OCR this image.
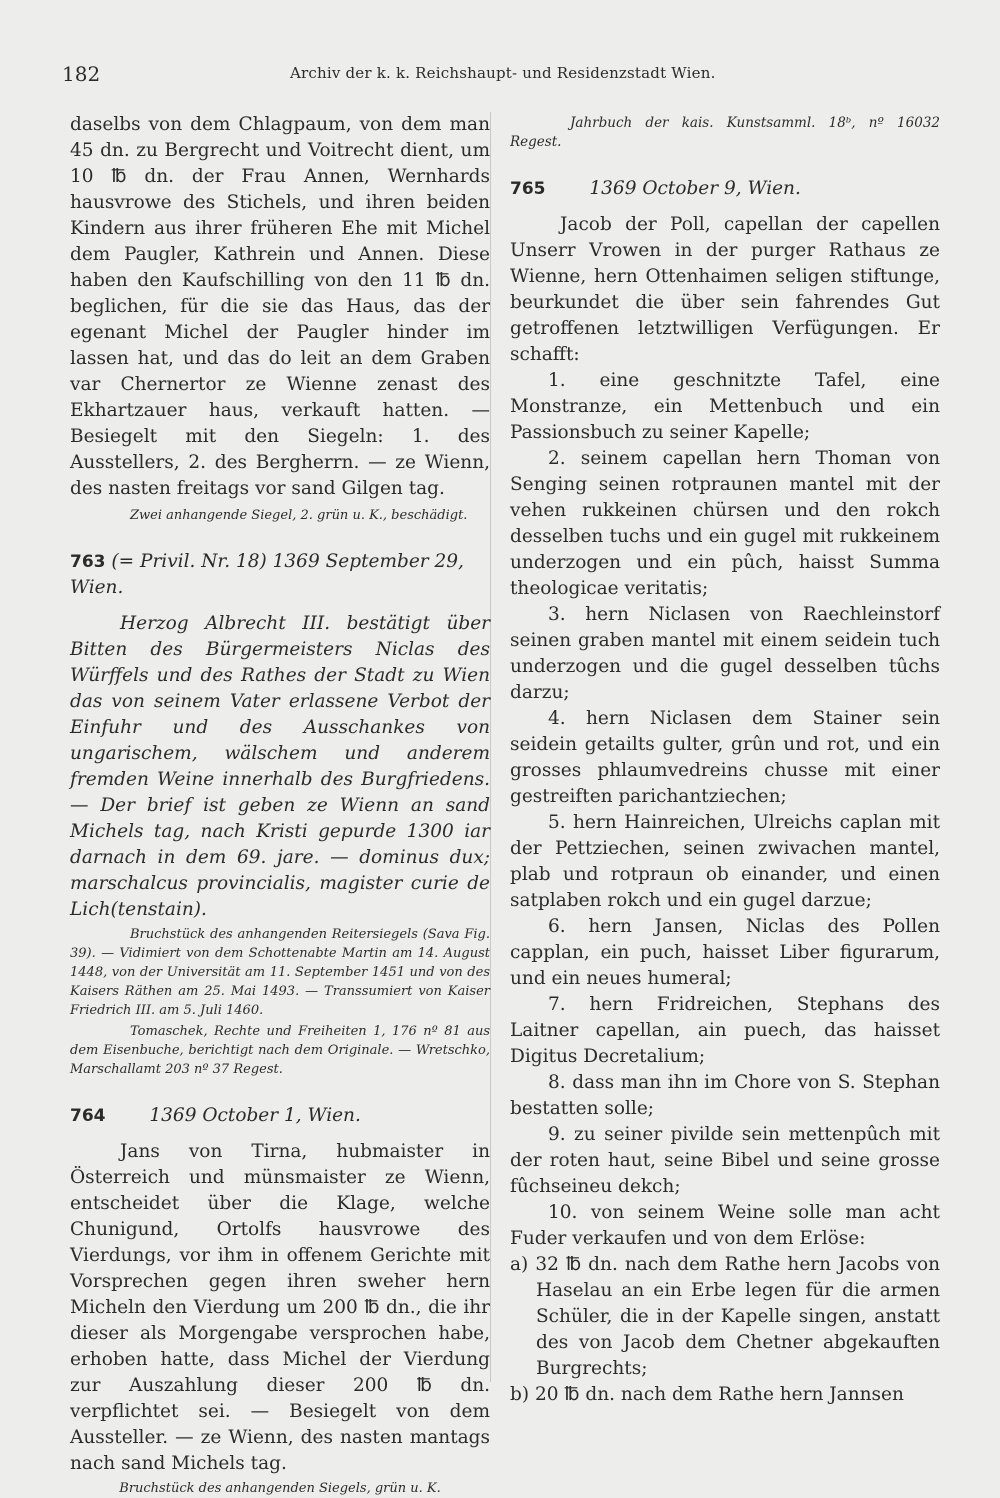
182	Archiv der k. k. Reichshaupt- und Residenzstadt Wien.

daselbs von dem Chlagpaum, von dem man 45 dn. zu Bergrecht und Voitrecht dient, um 10 ℔ dn. der Frau Annen, Wernhards hausvrowe des Stichels, und ihren beiden Kindern aus ihrer früheren Ehe mit Michel dem Paugler, Kathrein und Annen. Diese haben den Kaufschilling von den 11 ℔ dn. beglichen, für die sie das Haus, das der egenant Michel der Paugler hinder im lassen hat, und das do leit an dem Graben var Chernertor ze Wienne zenast des Ekhartzauer haus, verkauft hatten. — Besiegelt mit den Siegeln: 1. des Ausstellers, 2. des Bergherrn. — ze Wienn, des nasten freitags vor sand Gilgen tag.

Zwei anhangende Siegel, 2. grün u. K., beschädigt.

763 (= Privil. Nr. 18) 1369 September 29, Wien.

Herzog Albrecht III. bestätigt über Bitten des Bürgermeisters Niclas des Würffels und des Rathes der Stadt zu Wien das von seinem Vater erlassene Verbot der Einfuhr und des Ausschankes von ungarischem, wälschem und anderem fremden Weine innerhalb des Burgfriedens. — Der brief ist geben ze Wienn an sand Michels tag, nach Kristi gepurde 1300 iar darnach in dem 69. jare. — dominus dux; marschalcus provincialis, magister curie de Lich(tenstain).

Bruchstück des anhangenden Reitersiegels (Sava Fig. 39). — Vidimiert von dem Schottenabte Martin am 14. August 1448, von der Universität am 11. September 1451 und von des Kaisers Räthen am 25. Mai 1493. — Transsumiert von Kaiser Friedrich III. am 5. Juli 1460.

Tomaschek, Rechte und Freiheiten 1, 176 nº 81 aus dem Eisenbuche, berichtigt nach dem Originale. — Wretschko, Marschallamt 203 nº 37 Regest.

764 1369 October 1, Wien.

Jans von Tirna, hubmaister in Österreich und münsmaister ze Wienn, entscheidet über die Klage, welche Chunigund, Ortolfs hausvrowe des Vierdungs, vor ihm in offenem Gerichte mit Vorsprechen gegen ihren sweher hern Micheln den Vierdung um 200 ℔ dn., die ihr dieser als Morgengabe versprochen habe, erhoben hatte, dass Michel der Vierdung zur Auszahlung dieser 200 ℔ dn. verpflichtet sei. — Besiegelt von dem Aussteller. — ze Wienn, des nasten mantags nach sand Michels tag.

Bruchstück des anhangenden Siegels, grün u. K.

Jahrbuch der kais. Kunstsamml. 18ᵇ, nº 16032 Regest.

765 1369 October 9, Wien.

Jacob der Poll, capellan der capellen Unserr Vrowen in der purger Rathaus ze Wienne, hern Ottenhaimen seligen stiftunge, beurkundet die über sein fahrendes Gut getroffenen letztwilligen Verfügungen. Er schafft:

1. eine geschnitzte Tafel, eine Monstranze, ein Mettenbuch und ein Passionsbuch zu seiner Kapelle;

2. seinem capellan hern Thoman von Senging seinen rotpraunen mantel mit der vehen rukkeinen chürsen und den rokch desselben tuchs und ein gugel mit rukkeinem underzogen und ein pûch, haisst Summa theologicae veritatis;

3. hern Niclasen von Raechleinstorf seinen graben mantel mit einem seidein tuch underzogen und die gugel desselben tûchs darzu;

4. hern Niclasen dem Stainer sein seidein getailts gulter, grûn und rot, und ein grosses phlaumvedreins chusse mit einer gestreiften parichantziechen;

5. hern Hainreichen, Ulreichs caplan mit der Pettziechen, seinen zwivachen mantel, plab und rotpraun ob einander, und einen satplaben rokch und ein gugel darzue;

6. hern Jansen, Niclas des Pollen capplan, ein puch, haisset Liber figurarum, und ein neues humeral;

7. hern Fridreichen, Stephans des Laitner capellan, ain puech, das haisset Digitus Decretalium;

8. dass man ihn im Chore von S. Stephan bestatten solle;

9. zu seiner pivilde sein mettenpûch mit der roten haut, seine Bibel und seine grosse fûchseineu dekch;

10. von seinem Weine solle man acht Fuder verkaufen und von dem Erlöse:

a) 32 ℔ dn. nach dem Rathe hern Jacobs von Haselau an ein Erbe legen für die armen Schüler, die in der Kapelle singen, anstatt des von Jacob dem Chetner abgekauften Burgrechts;

b) 20 ℔ dn. nach dem Rathe hern Jannsen
